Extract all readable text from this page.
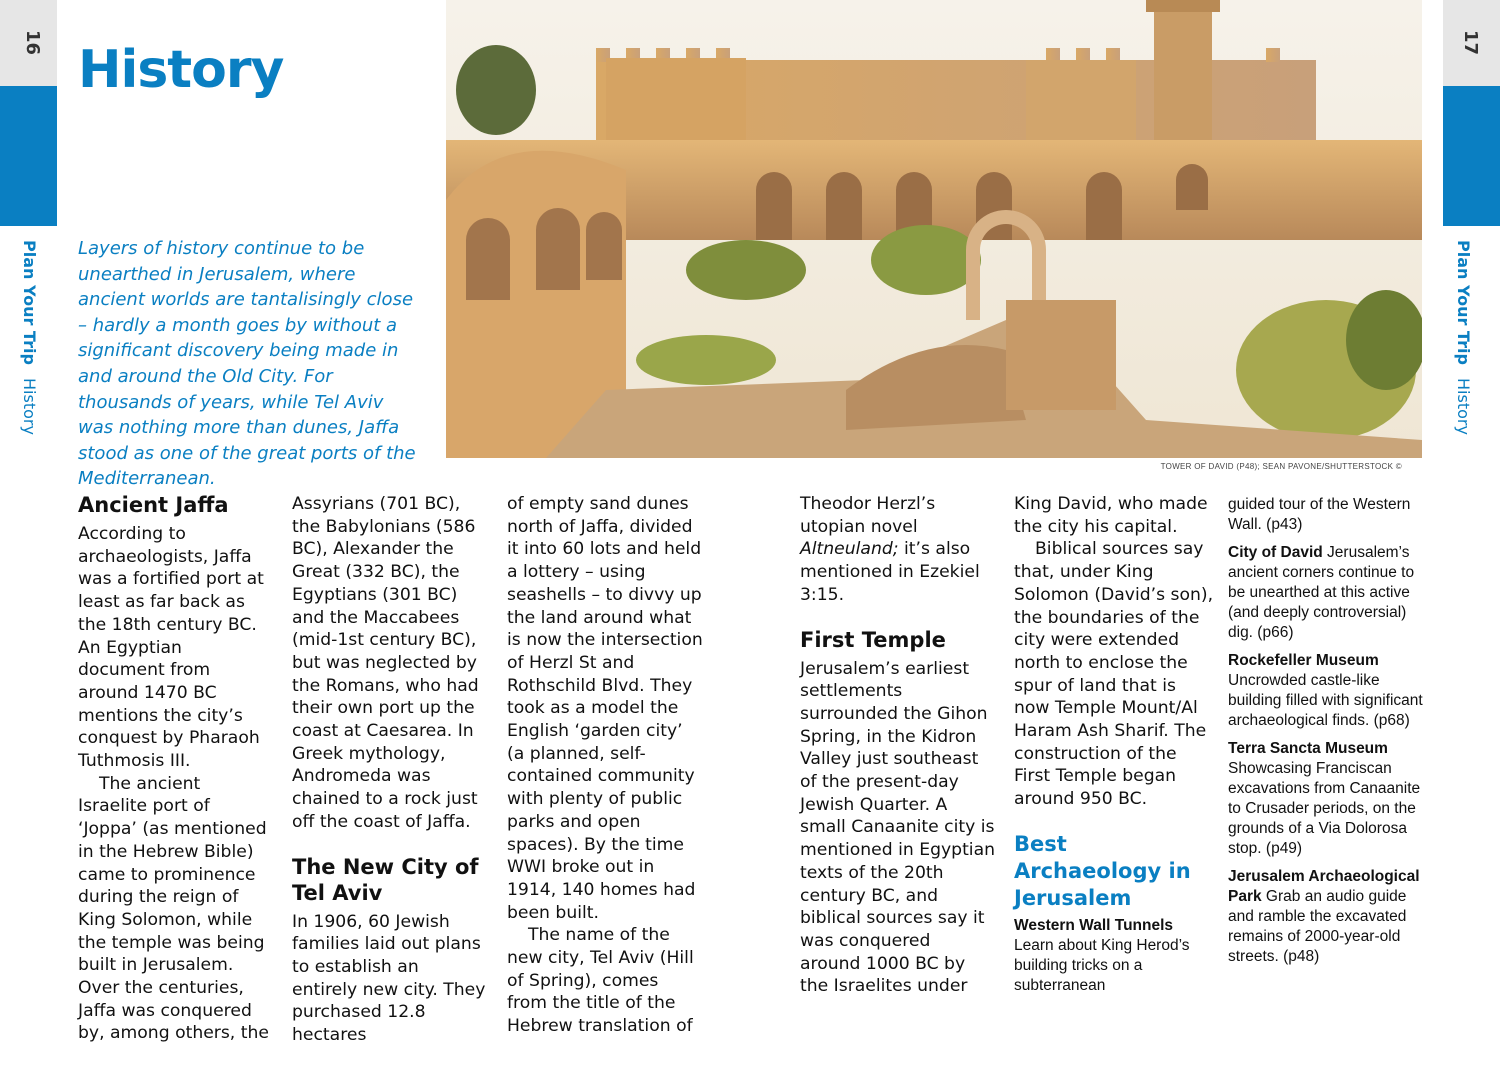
16
Plan Your Trip History
17
Plan Your Trip History
History

Layers of history continue to be unearthed in Jerusalem, where ancient worlds are tantalisingly close – hardly a month goes by without a significant discovery being made in and around the Old City. For thousands of years, while Tel Aviv was nothing more than dunes, Jaffa stood as one of the great ports of the Mediterranean.

TOWER OF DAVID (P48); SEAN PAVONE/SHUTTERSTOCK ©
Ancient Jaffa

According to archaeologists, Jaffa was a fortified port at least as far back as the 18th century BC. An Egyptian document from around 1470 BC mentions the city’s conquest by Pharaoh Tuthmosis III.

The ancient Israelite port of ‘Joppa’ (as mentioned in the Hebrew Bible) came to prominence during the reign of King Solomon, while the temple was being built in Jerusalem. Over the centuries, Jaffa was conquered by, among others, the

Assyrians (701 BC), the Babylonians (586 BC), Alexander the Great (332 BC), the Egyptians (301 BC) and the Maccabees (mid-1st century BC), but was neglected by the Romans, who had their own port up the coast at Caesarea. In Greek mythology, Andromeda was chained to a rock just off the coast of Jaffa.

The New City of Tel Aviv

In 1906, 60 Jewish families laid out plans to establish an entirely new city. They purchased 12.8 hectares

of empty sand dunes north of Jaffa, divided it into 60 lots and held a lottery – using seashells – to divvy up the land around what is now the intersection of Herzl St and Rothschild Blvd. They took as a model the English ‘garden city’ (a planned, self-contained community with plenty of public parks and open spaces). By the time WWI broke out in 1914, 140 homes had been built.

The name of the new city, Tel Aviv (Hill of Spring), comes from the title of the Hebrew translation of

Theodor Herzl’s utopian novel Altneuland; it’s also mentioned in Ezekiel 3:15.

First Temple

Jerusalem’s earliest settlements surrounded the Gihon Spring, in the Kidron Valley just southeast of the present-day Jewish Quarter. A small Canaanite city is mentioned in Egyptian texts of the 20th century BC, and biblical sources say it was conquered around 1000 BC by the Israelites under

King David, who made the city his capital.

Biblical sources say that, under King Solomon (David’s son), the boundaries of the city were extended north to enclose the spur of land that is now Temple Mount/Al Haram Ash Sharif. The construction of the First Temple began around 950 BC.

Best Archaeology in Jerusalem
Western Wall Tunnels Learn about King Herod’s building tricks on a subterranean

guided tour of the Western Wall. (p43)

City of David Jerusalem’s ancient corners continue to be unearthed at this active (and deeply controversial) dig. (p66)

Rockefeller Museum Uncrowded castle-like building filled with significant archaeological finds. (p68)

Terra Sancta Museum Showcasing Franciscan excavations from Canaanite to Crusader periods, on the grounds of a Via Dolorosa stop. (p49)

Jerusalem Archaeological Park Grab an audio guide and ramble the excavated remains of 2000-year-old streets. (p48)
